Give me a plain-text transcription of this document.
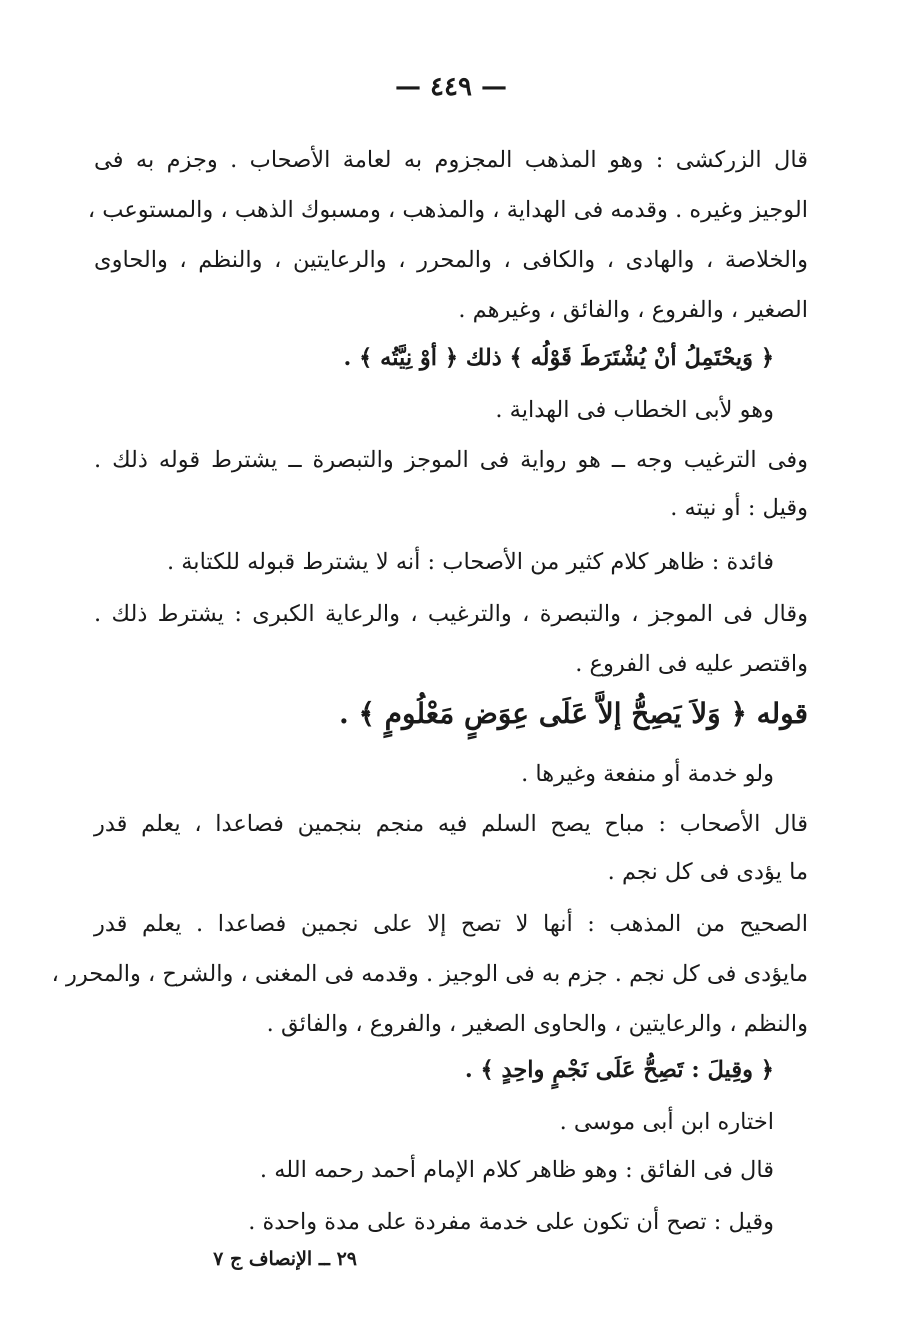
— ٤٤٩ —
قال الزركشى : وهو المذهب المجزوم به لعامة الأصحاب . وجزم به فى
الوجيز وغيره . وقدمه فى الهداية ، والمذهب ، ومسبوك الذهب ، والمستوعب ،
والخلاصة ، والهادى ، والكافى ، والمحرر ، والرعايتين ، والنظم ، والحاوى
الصغير ، والفروع ، والفائق ، وغيرهم .
﴿ وَيحْتَمِلُ أنْ يُشْتَرَطَ قَوْلُه ﴾ ذلك ﴿ أوْ نِيَّتُه ﴾ .
وهو لأبى الخطاب فى الهداية .
وفى الترغيب وجه ــ هو رواية فى الموجز والتبصرة ــ يشترط قوله ذلك .
وقيل : أو نيته .
فائدة : ظاهر كلام كثير من الأصحاب : أنه لا يشترط قبوله للكتابة .
وقال فى الموجز ، والتبصرة ، والترغيب ، والرعاية الكبرى : يشترط ذلك .
واقتصر عليه فى الفروع .
قوله ﴿ وَلاَ يَصِحُّ إلاَّ عَلَى عِوَضٍ مَعْلُومٍ ﴾ .
ولو خدمة أو منفعة وغيرها .
قال الأصحاب : مباح يصح السلم فيه منجم بنجمين فصاعدا ، يعلم قدر
ما يؤدى فى كل نجم .
الصحيح من المذهب : أنها لا تصح إلا على نجمين فصاعدا . يعلم قدر
مايؤدى فى كل نجم . جزم به فى الوجيز . وقدمه فى المغنى ، والشرح ، والمحرر ،
والنظم ، والرعايتين ، والحاوى الصغير ، والفروع ، والفائق .
﴿ وقِيلَ : تَصِحُّ عَلَى نَجْمٍ واحِدٍ ﴾ .
اختاره ابن أبى موسى .
قال فى الفائق : وهو ظاهر كلام الإمام أحمد رحمه الله .
وقيل : تصح أن تكون على خدمة مفردة على مدة واحدة .
٢٩ ــ الإنصاف ج ٧
